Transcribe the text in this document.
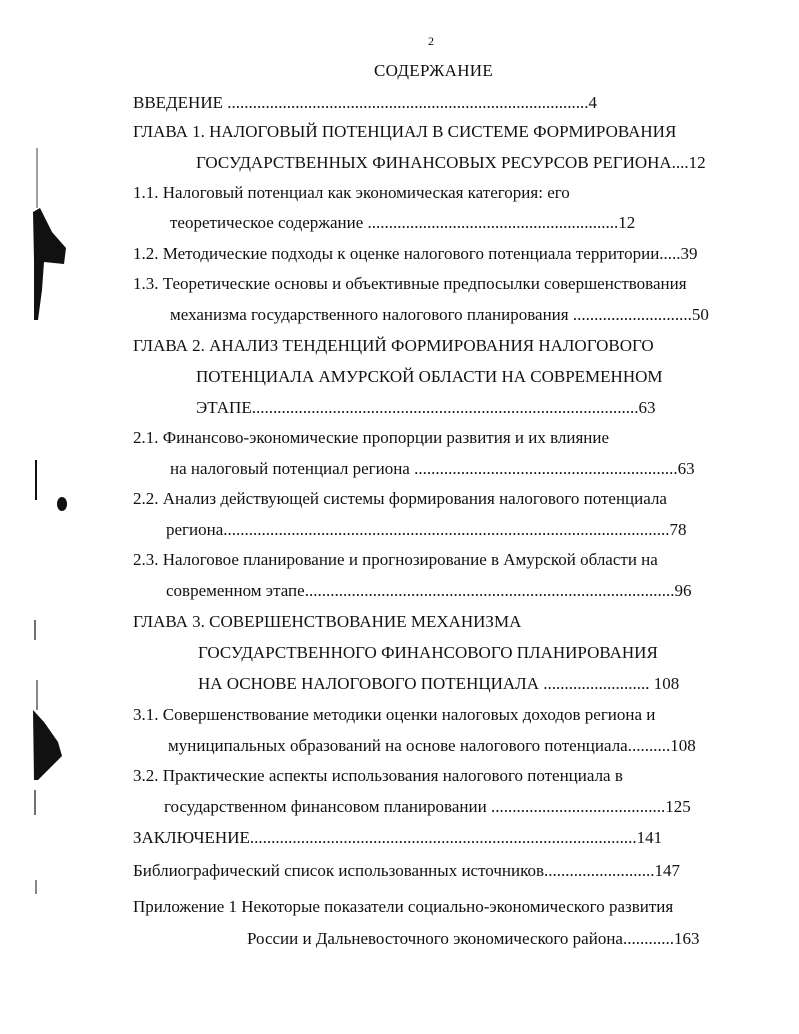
2
СОДЕРЖАНИЕ
ВВЕДЕНИЕ .....................................................................................4
ГЛАВА 1. НАЛОГОВЫЙ ПОТЕНЦИАЛ В СИСТЕМЕ ФОРМИРОВАНИЯ
ГОСУДАРСТВЕННЫХ ФИНАНСОВЫХ РЕСУРСОВ РЕГИОНА....12
1.1. Налоговый потенциал как экономическая категория: его
теоретическое содержание ...........................................................12
1.2. Методические подходы к оценке налогового потенциала территории.....39
1.3. Теоретические основы и объективные предпосылки совершенствования
механизма государственного налогового планирования ............................50
ГЛАВА 2. АНАЛИЗ ТЕНДЕНЦИЙ ФОРМИРОВАНИЯ НАЛОГОВОГО
ПОТЕНЦИАЛА АМУРСКОЙ ОБЛАСТИ НА СОВРЕМЕННОМ
ЭТАПЕ...........................................................................................63
2.1. Финансово-экономические пропорции развития и их влияние
на налоговый потенциал региона ..............................................................63
2.2. Анализ действующей системы формирования налогового потенциала
региона.........................................................................................................78
2.3. Налоговое планирование и прогнозирование в Амурской области на
современном этапе.......................................................................................96
ГЛАВА 3. СОВЕРШЕНСТВОВАНИЕ МЕХАНИЗМА
ГОСУДАРСТВЕННОГО ФИНАНСОВОГО ПЛАНИРОВАНИЯ
НА ОСНОВЕ НАЛОГОВОГО ПОТЕНЦИАЛА ......................... 108
3.1. Совершенствование методики оценки налоговых доходов региона и
муниципальных образований на основе налогового потенциала..........108
3.2. Практические аспекты использования налогового потенциала в
государственном финансовом планировании .........................................125
ЗАКЛЮЧЕНИЕ...........................................................................................141
Библиографический список использованных источников..........................147
Приложение 1 Некоторые показатели социально-экономического развития
России и Дальневосточного экономического района............163
